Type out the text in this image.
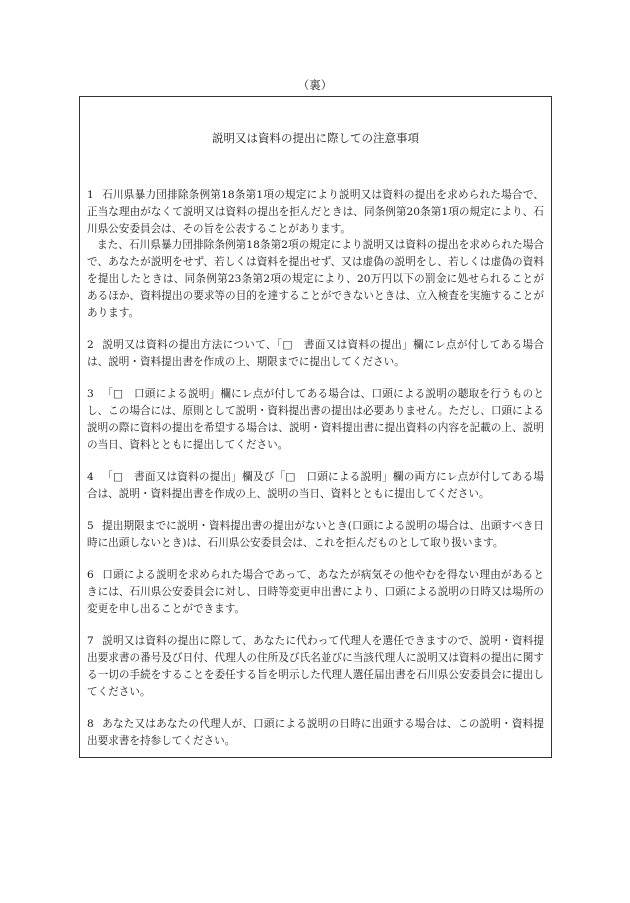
（裏）
説明又は資料の提出に際しての注意事項

1 石川県暴力団排除条例第18条第1項の規定により説明又は資料の提出を求められた場合で、正当な理由がなくて説明又は資料の提出を拒んだときは、同条例第20条第1項の規定により、石川県公安委員会は、その旨を公表することがあります。

また、石川県暴力団排除条例第18条第2項の規定により説明又は資料の提出を求められた場合で、あなたが説明をせず、若しくは資料を提出せず、又は虚偽の説明をし、若しくは虚偽の資料を提出したときは、同条例第23条第2項の規定により、20万円以下の罰金に処せられることがあるほか、資料提出の要求等の目的を達することができないときは、立入検査を実施することがあります。

2 説明又は資料の提出方法について、「□　書面又は資料の提出」欄にレ点が付してある場合は、説明・資料提出書を作成の上、期限までに提出してください。

3 「□　口頭による説明」欄にレ点が付してある場合は、口頭による説明の聴取を行うものとし、この場合には、原則として説明・資料提出書の提出は必要ありません。ただし、口頭による説明の際に資料の提出を希望する場合は、説明・資料提出書に提出資料の内容を記載の上、説明の当日、資料とともに提出してください。

4 「□　書面又は資料の提出」欄及び「□　口頭による説明」欄の両方にレ点が付してある場合は、説明・資料提出書を作成の上、説明の当日、資料とともに提出してください。

5 提出期限までに説明・資料提出書の提出がないとき(口頭による説明の場合は、出頭すべき日時に出頭しないとき)は、石川県公安委員会は、これを拒んだものとして取り扱います。

6 口頭による説明を求められた場合であって、あなたが病気その他やむを得ない理由があるときには、石川県公安委員会に対し、日時等変更申出書により、口頭による説明の日時又は場所の変更を申し出ることができます。

7 説明又は資料の提出に際して、あなたに代わって代理人を選任できますので、説明・資料提出要求書の番号及び日付、代理人の住所及び氏名並びに当該代理人に説明又は資料の提出に関する一切の手続をすることを委任する旨を明示した代理人選任届出書を石川県公安委員会に提出してください。

8 あなた又はあなたの代理人が、口頭による説明の日時に出頭する場合は、この説明・資料提出要求書を持参してください。
